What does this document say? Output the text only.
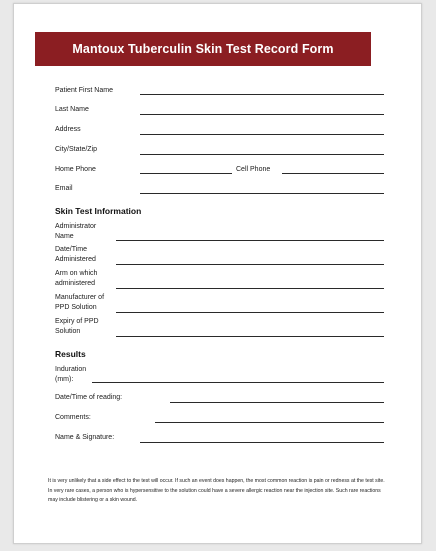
Mantoux Tuberculin Skin Test Record Form
Patient First Name
Last Name
Address
City/State/Zip
Home Phone	Cell Phone
Email
Skin Test Information
Administrator
Name
Date/Time
Administered
Arm on which
administered
Manufacturer of
PPD Solution
Expiry of PPD
Solution
Results
Induration
(mm):
Date/Time of reading:
Comments:
Name & Signature:
It is very unlikely that a side effect to the test will occur. If such an event does happen, the most common reaction is pain or redness at the test site. In very rare cases, a person who is hypersensitive to the solution could have a severe allergic reaction near the injection site. Such rare reactions may include blistering or a skin wound.
